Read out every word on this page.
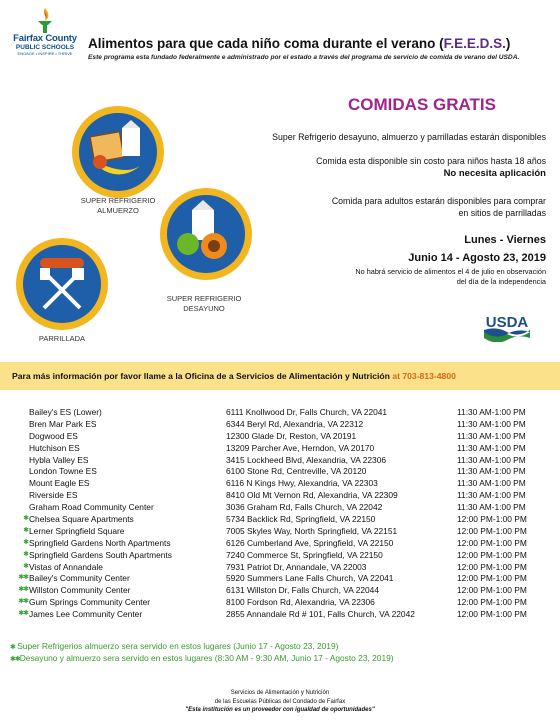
Fairfax County
PUBLIC SCHOOLS
ENGAGE • INSPIRE • THRIVE
Alimentos para que cada niño coma durante el verano (F.E.E.D.S.)
Este programa esta fundado federalmente e administrado por el estado a través del programa de servicio de comida de verano del USDA.
COMIDAS GRATIS
Super Refrigerio desayuno, almuerzo y parrilladas estarán disponibles
Comida esta disponible sin costo para niños hasta 18 años
No necesita aplicación
Comida para adultos estarán disponibles para comprar
en sitios de parrilladas
Lunes - Viernes
Junio 14 - Agosto 23, 2019
No habrá servicio de alimentos el 4 de julio en observación
del día de la independencia
SUPER REFRIGERIO
ALMUERZO
SUPER REFRIGERIO
DESAYUNO
PARRILLADA
USDA
Para más información por favor llame a la Oficina de a Servicios de Alimentación y Nutrición at 703-813-4800
Bailey's ES (Lower)	6111 Knollwood Dr, Falls Church, VA 22041	11:30 AM-1:00 PM
Bren Mar Park ES	6344 Beryl Rd, Alexandria, VA 22312	11:30 AM-1:00 PM
Dogwood ES	12300 Glade Dr, Reston, VA 20191	11:30 AM-1:00 PM
Hutchison ES	13209 Parcher Ave, Herndon, VA 20170	11:30 AM-1:00 PM
Hybla Valley ES	3415 Lockheed Blvd, Alexandria, VA 22306	11:30 AM-1:00 PM
London Towne ES	6100 Stone Rd, Centreville, VA 20120	11:30 AM-1:00 PM
Mount Eagle ES	6116 N Kings Hwy, Alexandria, VA 22303	11:30 AM-1:00 PM
Riverside ES	8410 Old Mt Vernon Rd, Alexandria, VA 22309	11:30 AM-1:00 PM
Graham Road Community Center	3036 Graham Rd, Falls Church, VA 22042	11:30 AM-1:00 PM
✱ Chelsea Square Apartments	5734 Backlick Rd, Springfield, VA 22150	12:00 PM-1:00 PM
✱ Lerner Springfield Square	7005 Skyles Way, North Springfield, VA 22151	12:00 PM-1:00 PM
✱ Springfield Gardens North Apartments	6126 Cumberland Ave, Springfield, VA 22150	12:00 PM-1:00 PM
✱ Springfield Gardens South Apartments	7240 Commerce St, Springfield, VA 22150	12:00 PM-1:00 PM
✱ Vistas of Annandale	7931 Patriot Dr, Annandale, VA 22003	12:00 PM-1:00 PM
✱✱ Bailey's Community Center	5920 Summers Lane Falls Church, VA 22041	12:00 PM-1:00 PM
✱✱ Willston Community Center	6131 Willston Dr, Falls Church, VA 22044	12:00 PM-1:00 PM
✱✱ Gum Springs Community Center	8100 Fordson Rd, Alexandria, VA 22306	12:00 PM-1:00 PM
✱✱ James Lee Community Center	2855 Annandale Rd # 101, Falls Church, VA 22042	12:00 PM-1:00 PM
✱ Super Refrigerios almuerzo sera servido en estos lugares (Junio 17 - Agosto 23, 2019)
✱✱Desayuno y almuerzo sera servido en estos lugares (8:30 AM - 9:30 AM, Junio 17 - Agosto 23, 2019)
Servicios de Alimentación y Nutrición
de las Escuelas Públicas del Condado de Fairfax
"Esta institución es un proveedor con igualdad de oportunidades"
